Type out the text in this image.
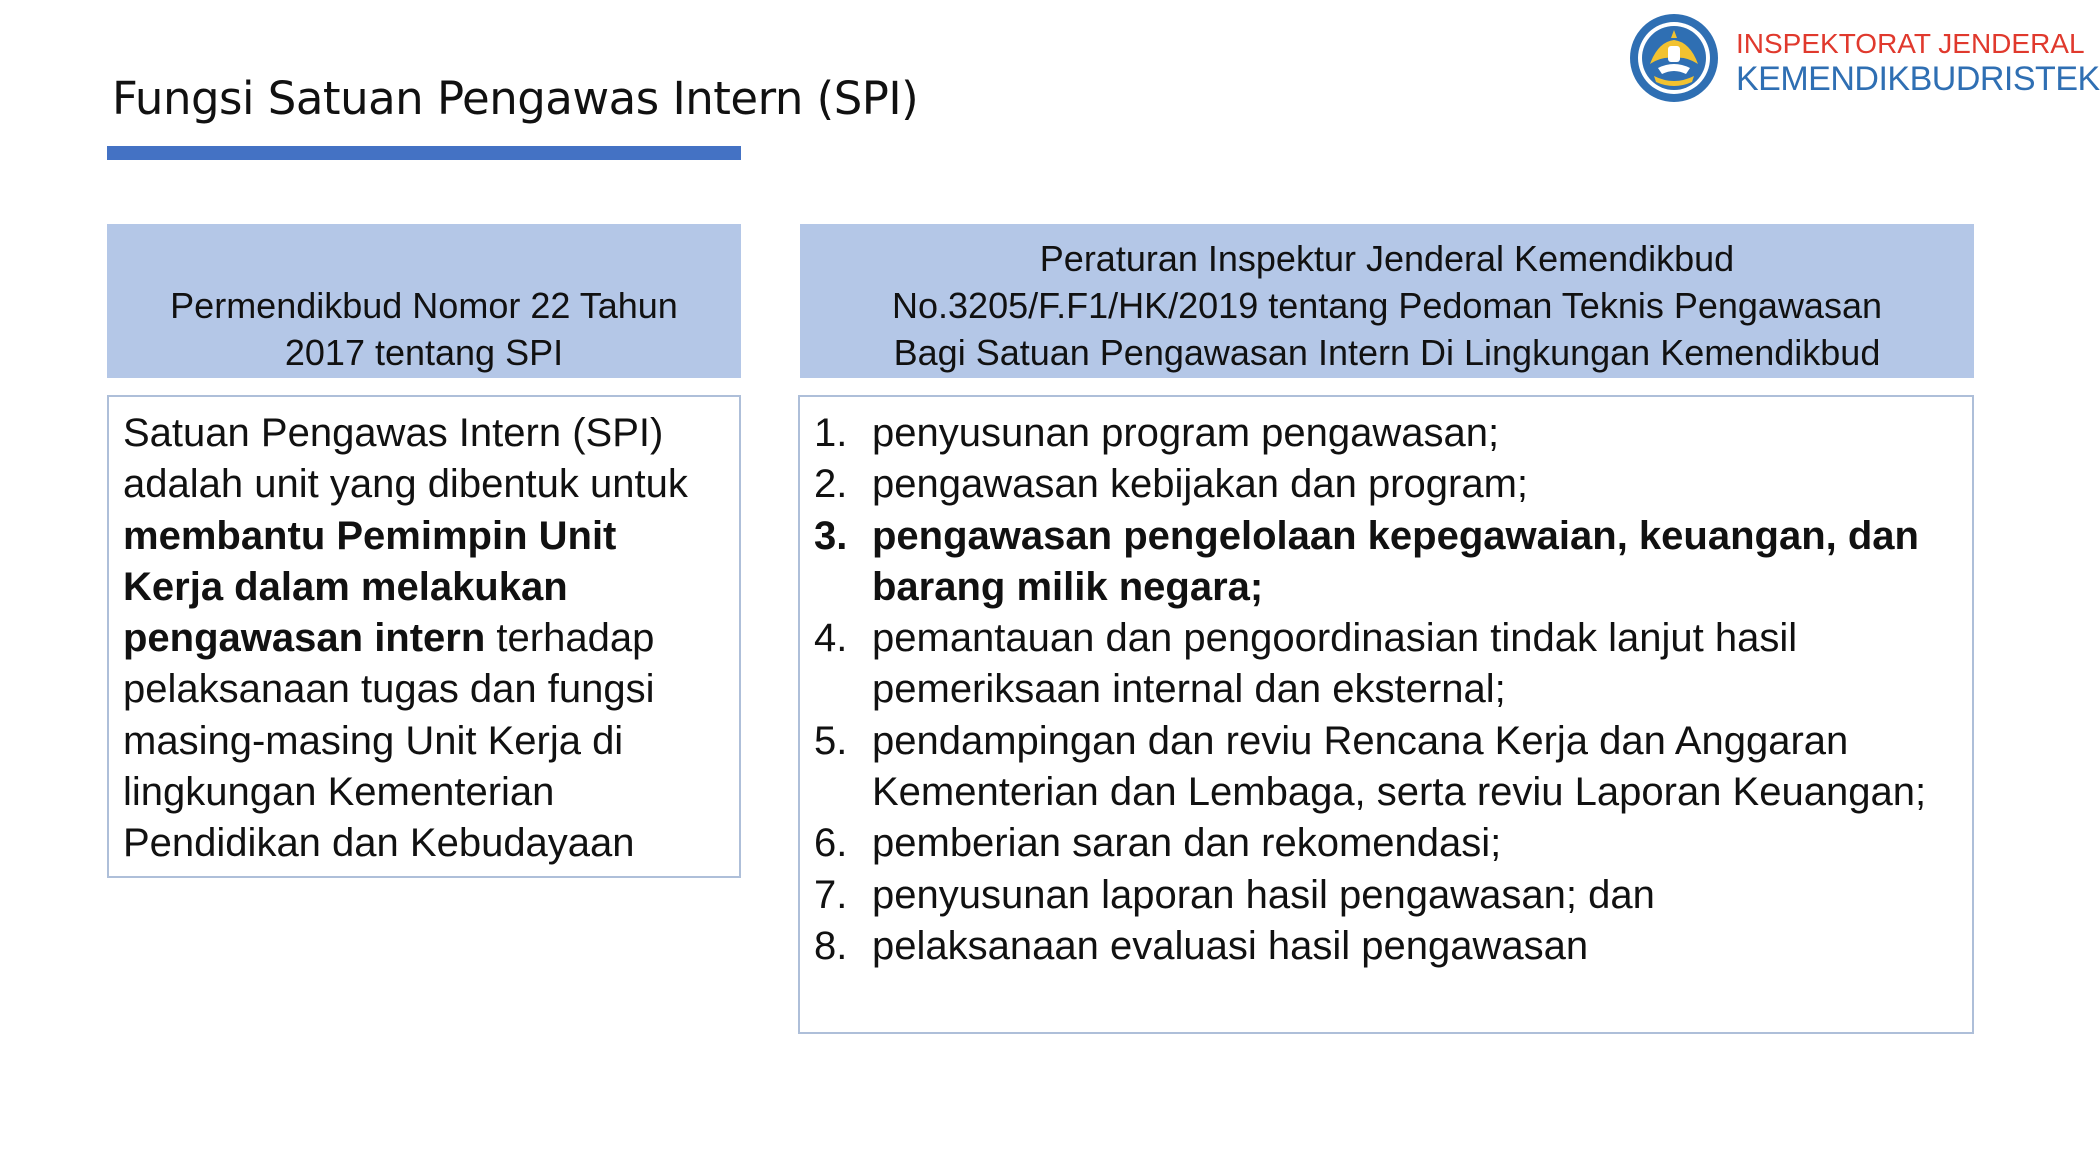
Fungsi Satuan Pengawas Intern (SPI)
INSPEKTORAT JENDERAL
KEMENDIKBUDRISTEK
Permendikbud Nomor 22 Tahun
2017 tentang SPI
Peraturan Inspektur Jenderal Kemendikbud
No.3205/F.F1/HK/2019 tentang Pedoman Teknis Pengawasan
Bagi Satuan Pengawasan Intern Di Lingkungan Kemendikbud
Satuan Pengawas Intern (SPI) adalah unit yang dibentuk untuk membantu Pemimpin Unit Kerja dalam melakukan pengawasan intern terhadap pelaksanaan tugas dan fungsi masing-masing Unit Kerja di lingkungan Kementerian Pendidikan dan Kebudayaan
1. penyusunan program pengawasan;
2. pengawasan kebijakan dan program;
3. pengawasan pengelolaan kepegawaian, keuangan, dan barang milik negara;
4. pemantauan dan pengoordinasian tindak lanjut hasil pemeriksaan internal dan eksternal;
5. pendampingan dan reviu Rencana Kerja dan Anggaran Kementerian dan Lembaga, serta reviu Laporan Keuangan;
6. pemberian saran dan rekomendasi;
7. penyusunan laporan hasil pengawasan; dan
8. pelaksanaan evaluasi hasil pengawasan
